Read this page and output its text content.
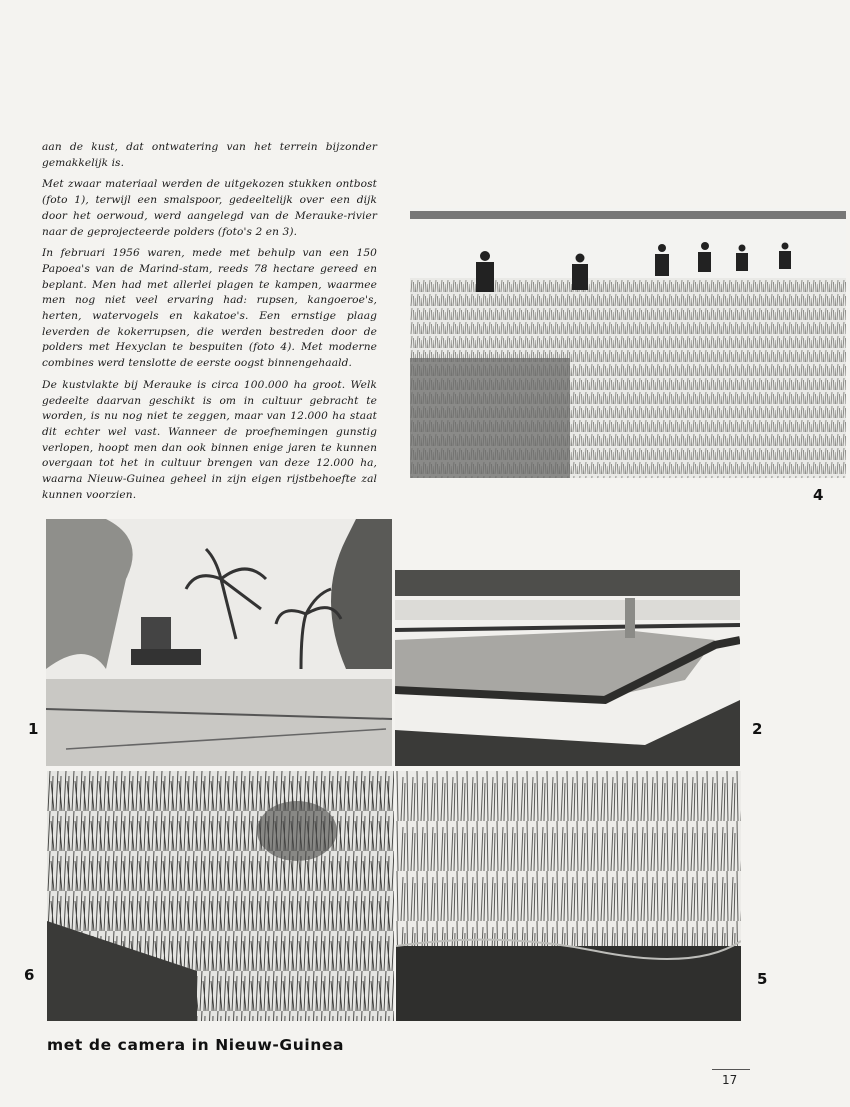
aan de kust, dat ontwatering van het terrein bijzonder gemakkelijk is.

Met zwaar materiaal werden de uitgekozen stukken ontbost (foto 1), terwijl een smalspoor, gedeeltelijk over een dijk door het oerwoud, werd aangelegd van de Merauke-rivier naar de geprojecteerde polders (foto's 2 en 3).

In februari 1956 waren, mede met behulp van een 150 Papoea's van de Marind-stam, reeds 78 hectare gereed en beplant. Men had met allerlei plagen te kampen, waarmee men nog niet veel ervaring had: rupsen, kangoeroe's, herten, watervogels en kakatoe's. Een ernstige plaag leverden de kokerrupsen, die werden bestreden door de polders met Hexyclan te bespuiten (foto 4). Met moderne combines werd tenslotte de eerste oogst binnengehaald.

De kustvlakte bij Merauke is circa 100.000 ha groot. Welk gedeelte daarvan geschikt is om in cultuur gebracht te worden, is nu nog niet te zeggen, maar van 12.000 ha staat dit echter wel vast. Wanneer de proefnemingen gunstig verlopen, hoopt men dan ook binnen enige jaren te kunnen overgaan tot het in cultuur brengen van deze 12.000 ha, waarna Nieuw-Guinea geheel in zijn eigen rijstbehoefte zal kunnen voorzien.	4
1	2
6	5
met de camera in Nieuw-Guinea
17
